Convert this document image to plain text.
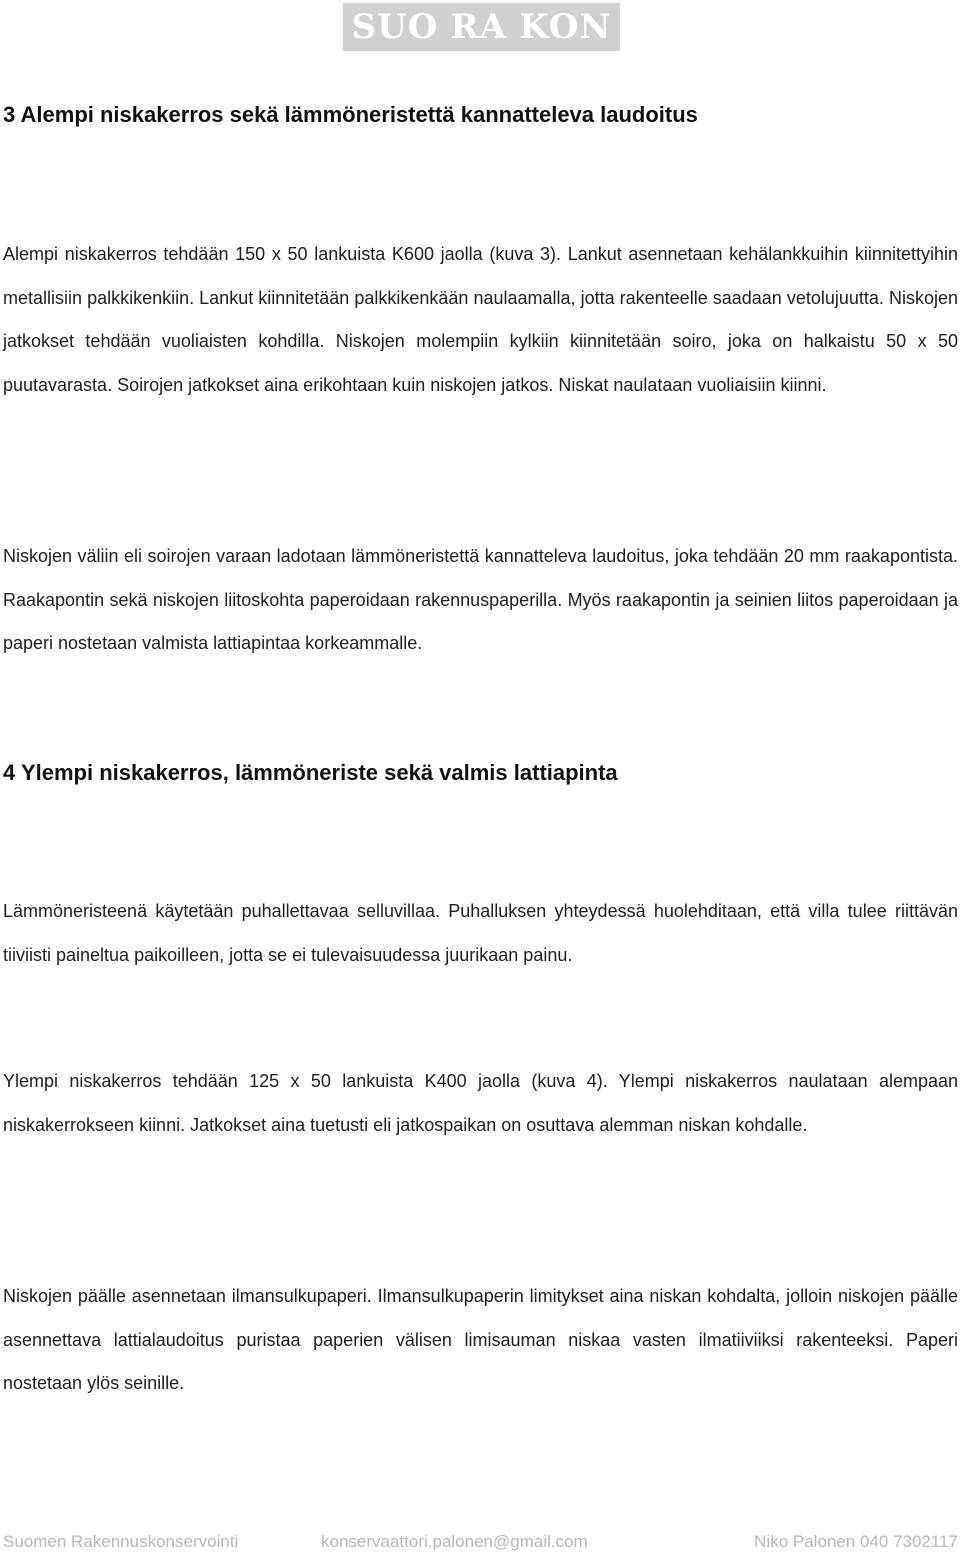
SUO RA KON
3 Alempi niskakerros sekä lämmöneristettä kannatteleva laudoitus

Alempi niskakerros tehdään 150 x 50 lankuista K600 jaolla (kuva 3). Lankut asennetaan kehälankkuihin kiinnitettyihin metallisiin palkkikenkiin. Lankut kiinnitetään palkkikenkään naulaamalla, jotta rakenteelle saadaan vetolujuutta. Niskojen jatkokset tehdään vuoliaisten kohdilla. Niskojen molempiin kylkiin kiinnitetään soiro, joka on halkaistu 50 x 50 puutavarasta. Soirojen jatkokset aina erikohtaan kuin niskojen jatkos. Niskat naulataan vuoliaisiin kiinni.

Niskojen väliin eli soirojen varaan ladotaan lämmöneristettä kannatteleva laudoitus, joka tehdään 20 mm raakapontista. Raakapontin sekä niskojen liitoskohta paperoidaan rakennuspaperilla. Myös raakapontin ja seinien liitos paperoidaan ja paperi nostetaan valmista lattiapintaa korkeammalle.

4 Ylempi niskakerros, lämmöneriste sekä valmis lattiapinta

Lämmöneristeenä käytetään puhallettavaa selluvillaa. Puhalluksen yhteydessä huolehditaan, että villa tulee riittävän tiiviisti paineltua paikoilleen, jotta se ei tulevaisuudessa juurikaan painu.

Ylempi niskakerros tehdään 125 x 50 lankuista K400 jaolla (kuva 4). Ylempi niskakerros naulataan alempaan niskakerrokseen kiinni. Jatkokset aina tuetusti eli jatkospaikan on osuttava alemman niskan kohdalle.

Niskojen päälle asennetaan ilmansulkupaperi. Ilmansulkupaperin limitykset aina niskan kohdalta, jolloin niskojen päälle asennettava lattialaudoitus puristaa paperien välisen limisauman niskaa vasten ilmatiiviiksi rakenteeksi. Paperi nostetaan ylös seinille.

Suomen Rakennuskonservointi	konservaattori.palonen@gmail.com	Niko Palonen 040 7302117
